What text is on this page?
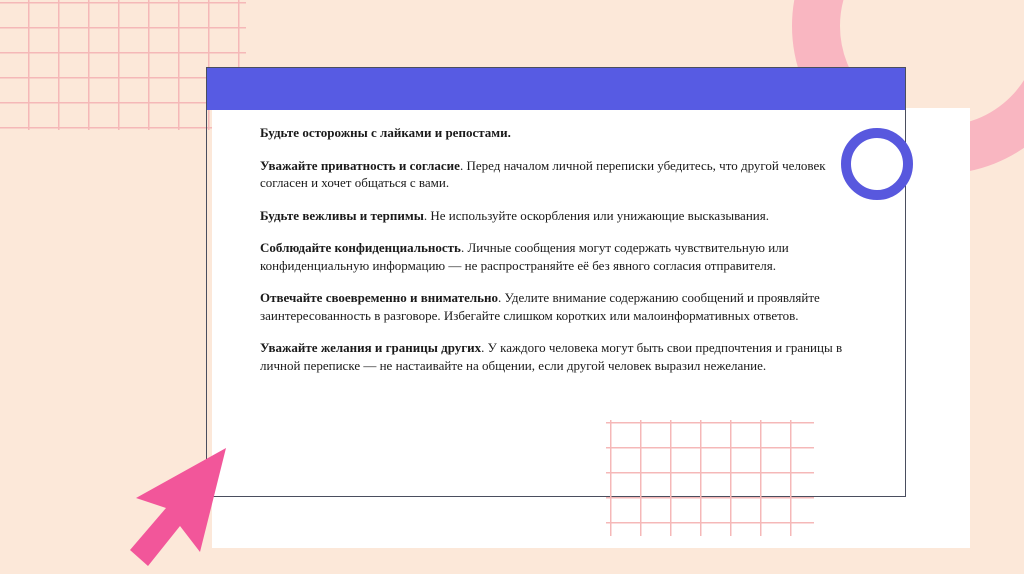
Будьте осторожны с лайками и репостами.

Уважайте приватность и согласие. Перед началом личной переписки убедитесь, что другой человек согласен и хочет общаться с вами.

Будьте вежливы и терпимы. Не используйте оскорбления или унижающие высказывания.

Соблюдайте конфиденциальность. Личные сообщения могут содержать чувствительную или конфиденциальную информацию — не распространяйте её без явного согласия отправителя.

Отвечайте своевременно и внимательно. Уделите внимание содержанию сообщений и проявляйте заинтересованность в разговоре. Избегайте слишком коротких или малоинформативных ответов.

Уважайте желания и границы других. У каждого человека могут быть свои предпочтения и границы в личной переписке — не настаивайте на общении, если другой человек выразил нежелание.
